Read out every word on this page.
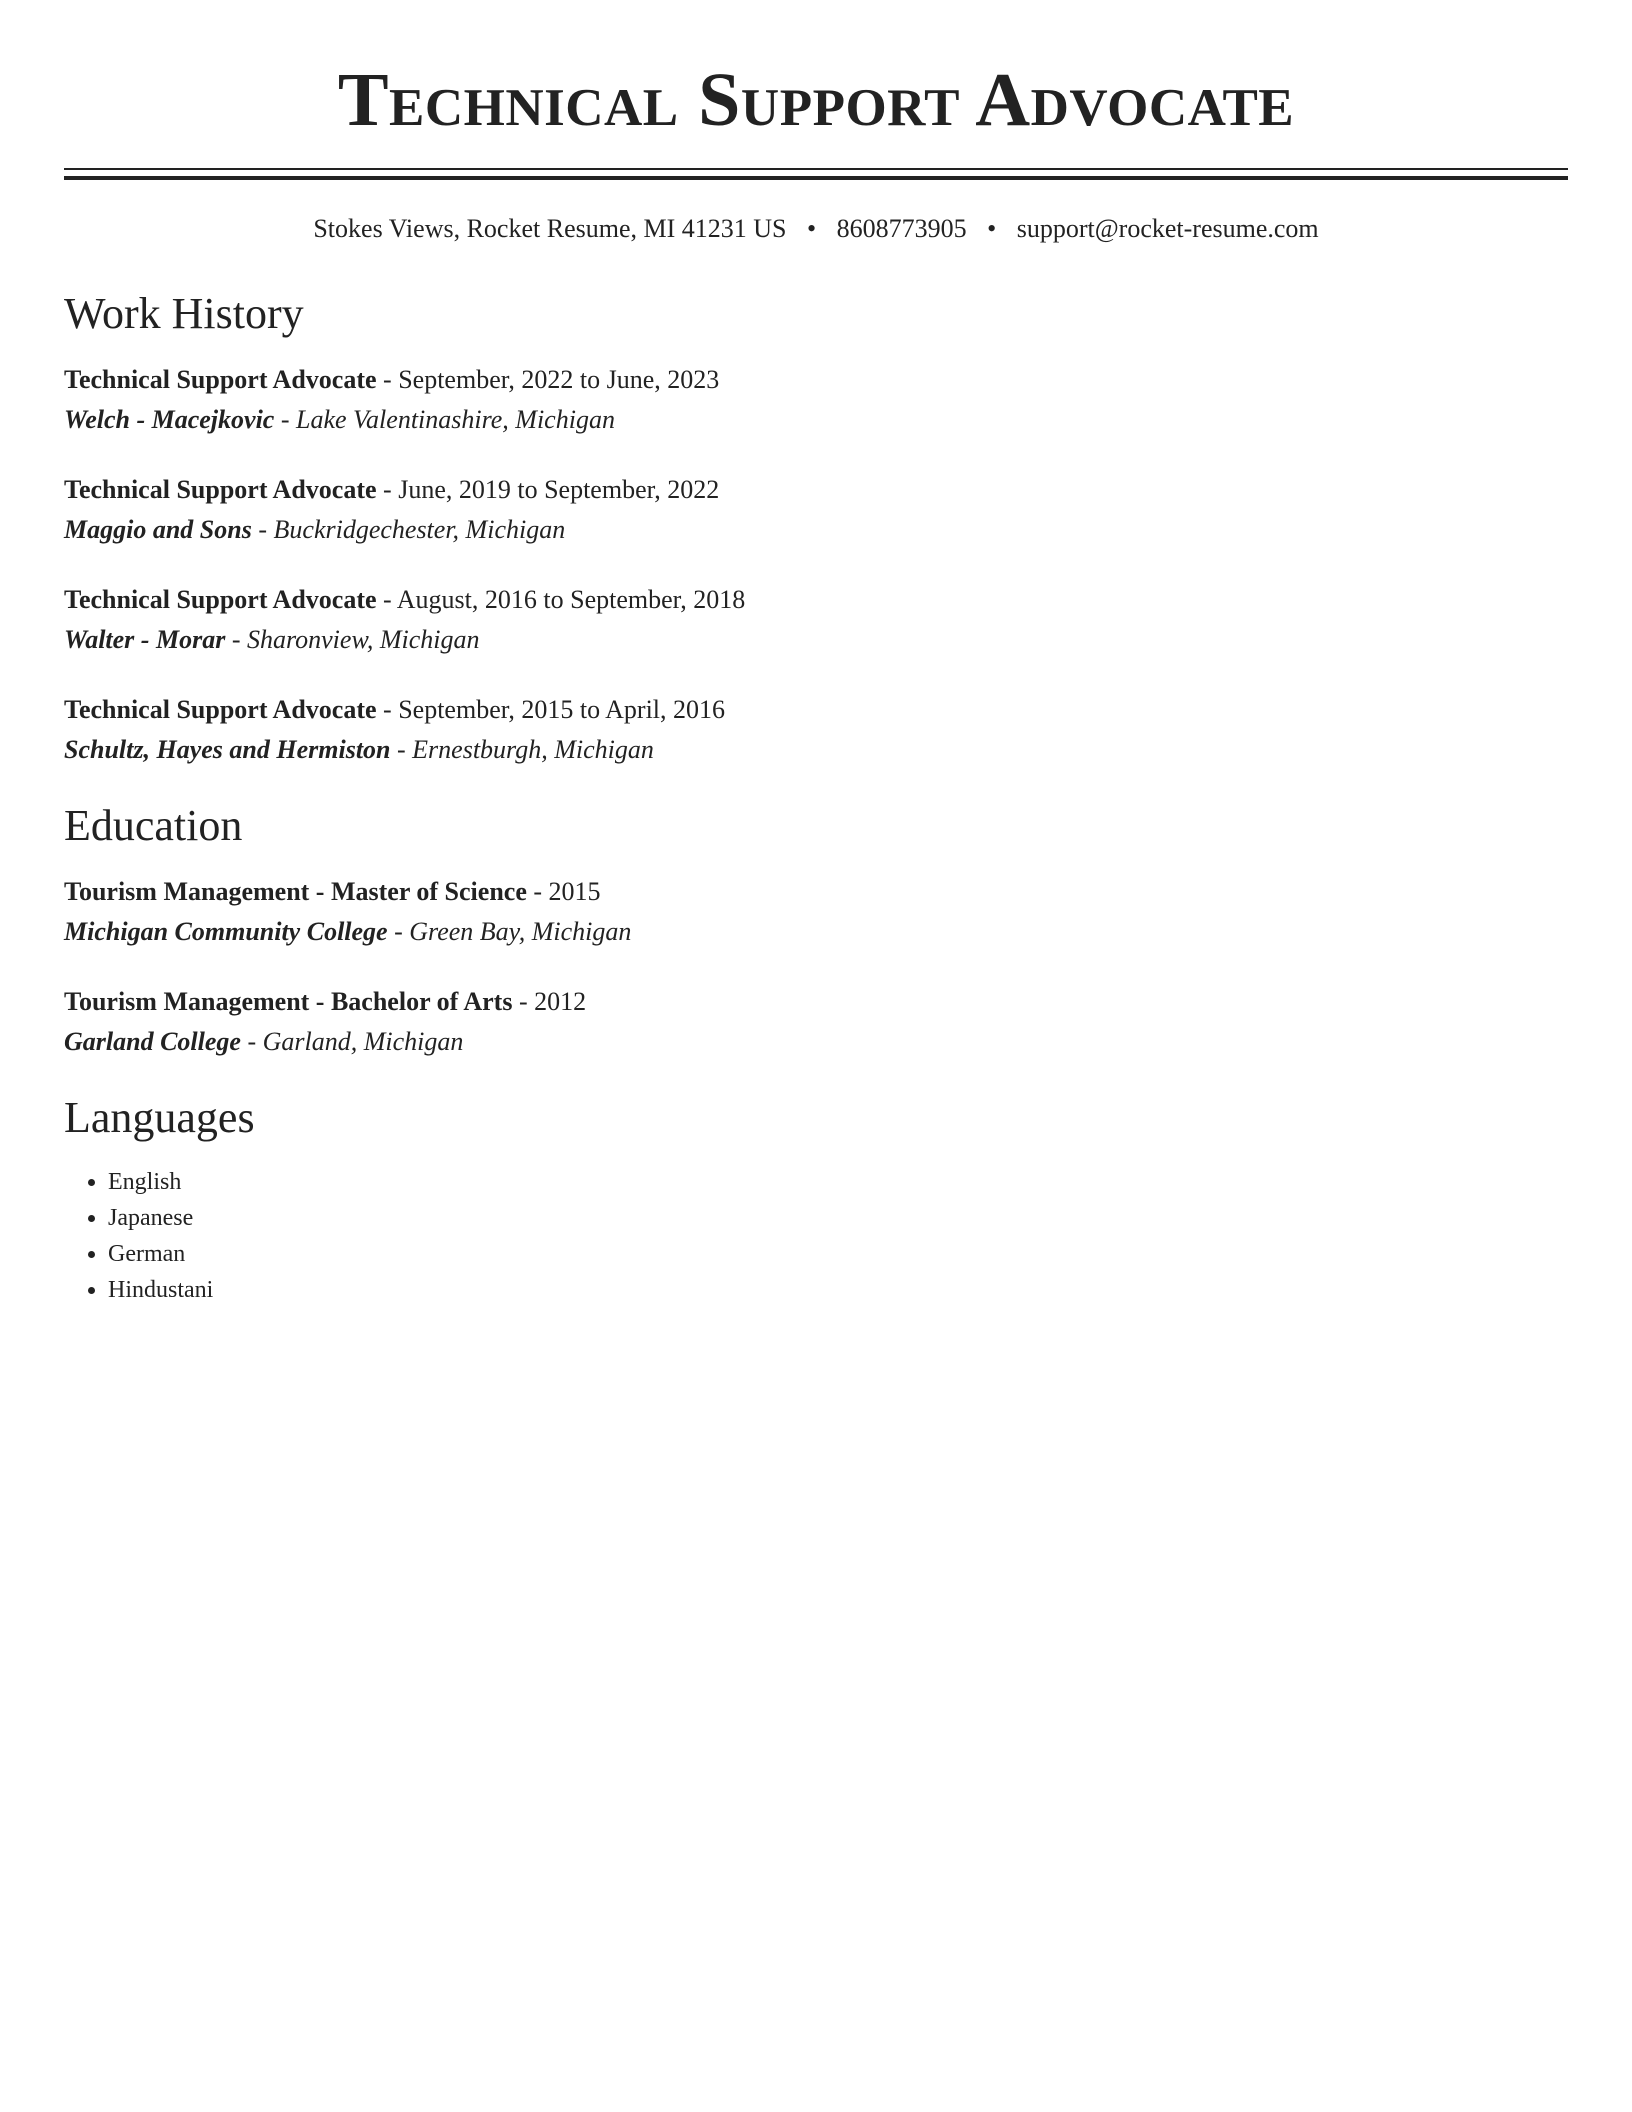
Technical Support Advocate
Stokes Views, Rocket Resume, MI 41231 US • 8608773905 • support@rocket-resume.com
Work History
Technical Support Advocate - September, 2022 to June, 2023
Welch - Macejkovic - Lake Valentinashire, Michigan
Technical Support Advocate - June, 2019 to September, 2022
Maggio and Sons - Buckridgechester, Michigan
Technical Support Advocate - August, 2016 to September, 2018
Walter - Morar - Sharonview, Michigan
Technical Support Advocate - September, 2015 to April, 2016
Schultz, Hayes and Hermiston - Ernestburgh, Michigan
Education
Tourism Management - Master of Science - 2015
Michigan Community College - Green Bay, Michigan
Tourism Management - Bachelor of Arts - 2012
Garland College - Garland, Michigan
Languages
• English
• Japanese
• German
• Hindustani
